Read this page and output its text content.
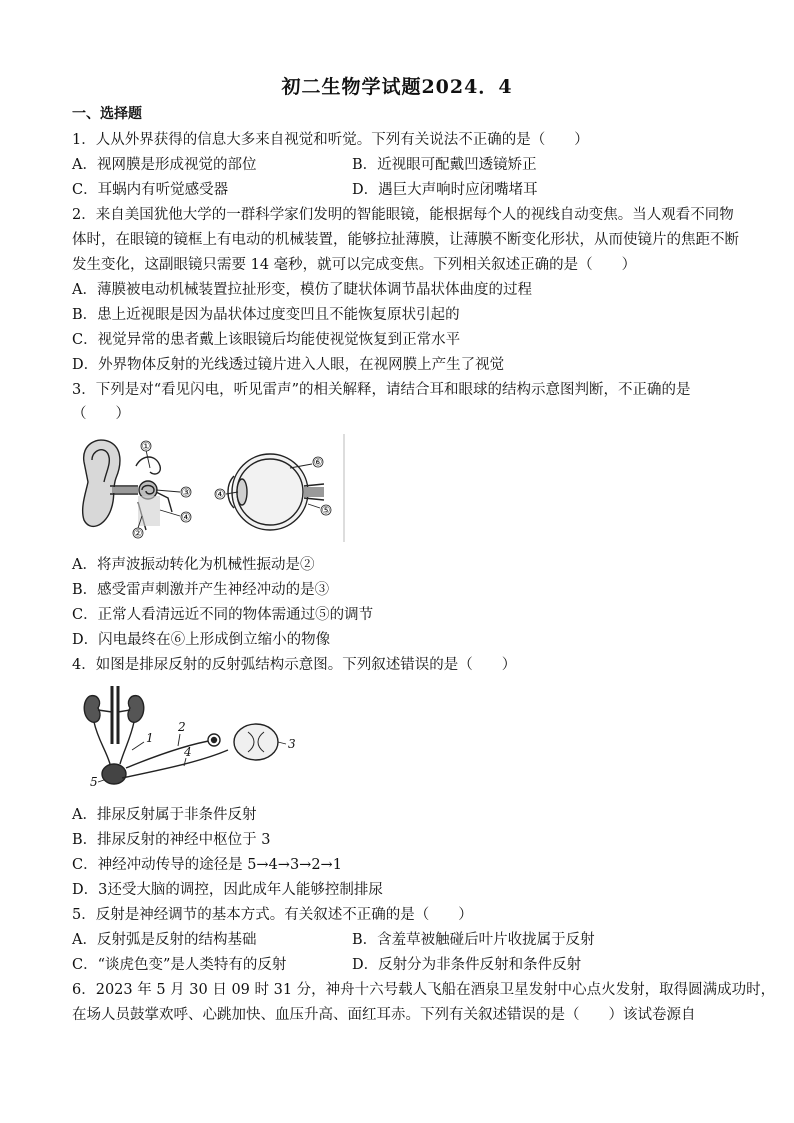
初二生物学试题2024．4
一、选择题
1．人从外界获得的信息大多来自视觉和听觉。下列有关说法不正确的是（　　）
A．视网膜是形成视觉的部位	B．近视眼可配戴凹透镜矫正
C．耳蜗内有听觉感受器	D．遇巨大声响时应闭嘴堵耳
2．来自美国犹他大学的一群科学家们发明的智能眼镜，能根据每个人的视线自动变焦。当人观看不同物
体时，在眼镜的镜框上有电动的机械装置，能够拉扯薄膜，让薄膜不断变化形状，从而使镜片的焦距不断
发生变化，这副眼镜只需要 14 毫秒，就可以完成变焦。下列相关叙述正确的是（　　）
A．薄膜被电动机械装置拉扯形变，模仿了睫状体调节晶状体曲度的过程
B．患上近视眼是因为晶状体过度变凹且不能恢复原状引起的
C．视觉异常的患者戴上该眼镜后均能使视觉恢复到正常水平
D．外界物体反射的光线透过镜片进入人眼，在视网膜上产生了视觉
3．下列是对“看见闪电，听见雷声”的相关解释，请结合耳和眼球的结构示意图判断，不正确的是
（　　）
①
③
④
②
④
⑥
⑤
A．将声波振动转化为机械性振动是②
B．感受雷声刺激并产生神经冲动的是③
C．正常人看清远近不同的物体需通过⑤的调节
D．闪电最终在⑥上形成倒立缩小的物像
4．如图是排尿反射的反射弧结构示意图。下列叙述错误的是（　　）
1
2
3
4
5
A．排尿反射属于非条件反射
B．排尿反射的神经中枢位于 3
C．神经冲动传导的途径是 5→4→3→2→1
D．3还受大脑的调控，因此成年人能够控制排尿
5．反射是神经调节的基本方式。有关叙述不正确的是（　　）
A．反射弧是反射的结构基础	B．含羞草被触碰后叶片收拢属于反射
C．“谈虎色变”是人类特有的反射	D．反射分为非条件反射和条件反射
6．2023 年 5 月 30 日 09 时 31 分，神舟十六号载人飞船在酒泉卫星发射中心点火发射，取得圆满成功时，
在场人员鼓掌欢呼、心跳加快、血压升高、面红耳赤。下列有关叙述错误的是（　　）该试卷源自
